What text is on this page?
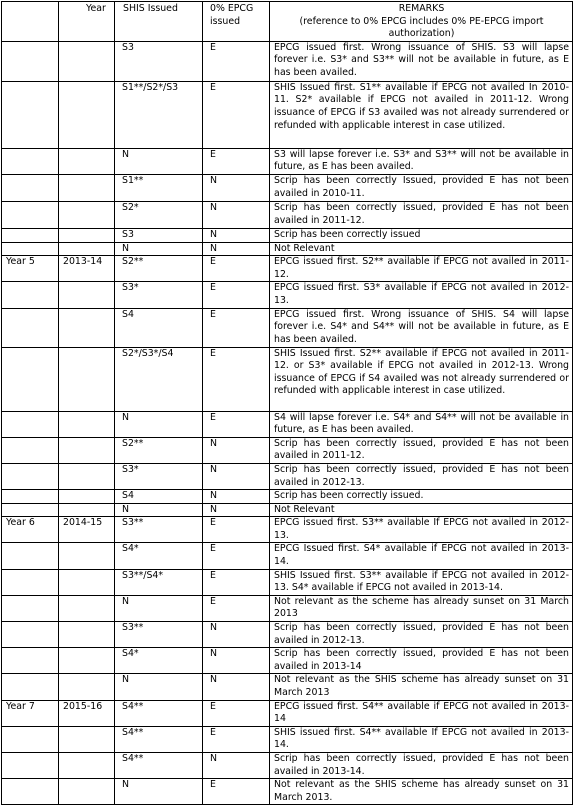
	Year	SHIS Issued	0% EPCG
issued	REMARKS
(reference to 0% EPCG includes 0% PE-EPCG import
authorization)
		S3	E	EPCG issued first. Wrong issuance of SHIS. S3 will lapse forever i.e. S3* and S3** will not be available in future, as E has been availed.
		S1**/S2*/S3	E	SHIS Issued first. S1** available if EPCG not availed In 2010-11. S2* available if EPCG not availed in 2011-12. Wrong issuance of EPCG if S3 availed was not already surrendered or refunded with applicable interest in case utilized.
		N	E	S3 will lapse forever i.e. S3* and S3** will not be available in future, as E has been availed.
		S1**	N	Scrip has been correctly Issued, provided E has not been availed in 2010-11.
		S2*	N	Scrip has been correctly issued, provided E has not been availed in 2011-12.
		S3	N	Scrip has been correctly issued
		N	N	Not Relevant
Year 5	2013-14	S2**	E	EPCG issued first. S2** available if EPCG not availed in 2011-12.
		S3*	E	EPCG issued first. S3* available if EPCG not availed in 2012-13.
		S4	E	EPCG issued first. Wrong issuance of SHIS. S4 will lapse forever i.e. S4* and S4** will not be available in future, as E has been availed.
		S2*/S3*/S4	E	SHIS Issued first. S2** available if EPCG not availed in 2011-12. or S3* available if EPCG not availed in 2012-13. Wrong issuance of EPCG if S4 availed was not already surrendered or refunded with applicable interest in case utilized.
		N	E	S4 will lapse forever i.e. S4* and S4** will not be available in future, as E has been availed.
		S2**	N	Scrip has been correctly issued, provided E has not been availed in 2011-12.
		S3*	N	Scrip has been correctly issued, provided E has not been availed in 2012-13.
		S4	N	Scrip has been correctly issued.
		N	N	Not Relevant
Year 6	2014-15	S3**	E	EPCG issued first. S3** available If EPCG not availed in 2012-13.
		S4*	E	EPCG Issued first. S4* available if EPCG not availed in 2013-14.
		S3**/S4*	E	SHIS Issued first. S3** available if EPCG not availed in 2012-13. S4* available if EPCG not availed in 2013-14.
		N	E	Not relevant as the scheme has already sunset on 31 March 2013
		S3**	N	Scrip has been correctly issued, provided E has not been availed in 2012-13.
		S4*	N	Scrip has been correctly issued, provided E has not been availed in 2013-14
		N	N	Not relevant as the SHIS scheme has already sunset on 31 March 2013
Year 7	2015-16	S4**	E	EPCG issued first. S4** available if EPCG not availed in 2013-14
		S4**	E	SHIS issued first. S4** available If EPCG not availed in 2013-14.
		S4**	N	Scrip has been correctly issued, provided E has not been availed in 2013-14.
		N	E	Not relevant as the SHIS scheme has already sunset on 31 March 2013.
